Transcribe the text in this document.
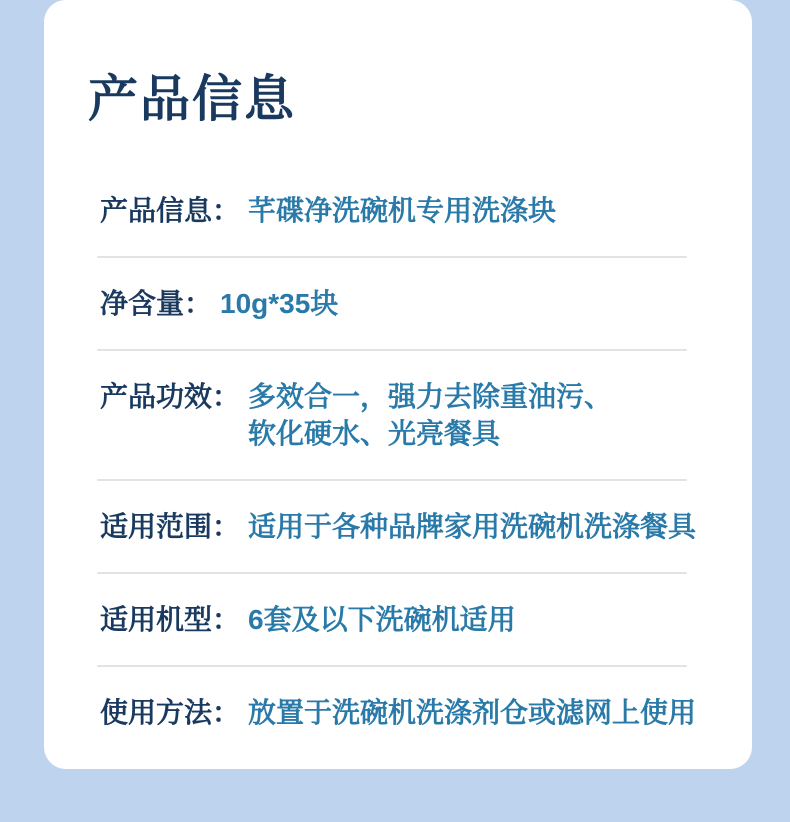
产品信息
产品信息： 芊碟净洗碗机专用洗涤块
净含量： 10g*35块
产品功效： 多效合一，强力去除重油污、
软化硬水、光亮餐具
适用范围： 适用于各种品牌家用洗碗机洗涤餐具
适用机型： 6套及以下洗碗机适用
使用方法： 放置于洗碗机洗涤剂仓或滤网上使用
